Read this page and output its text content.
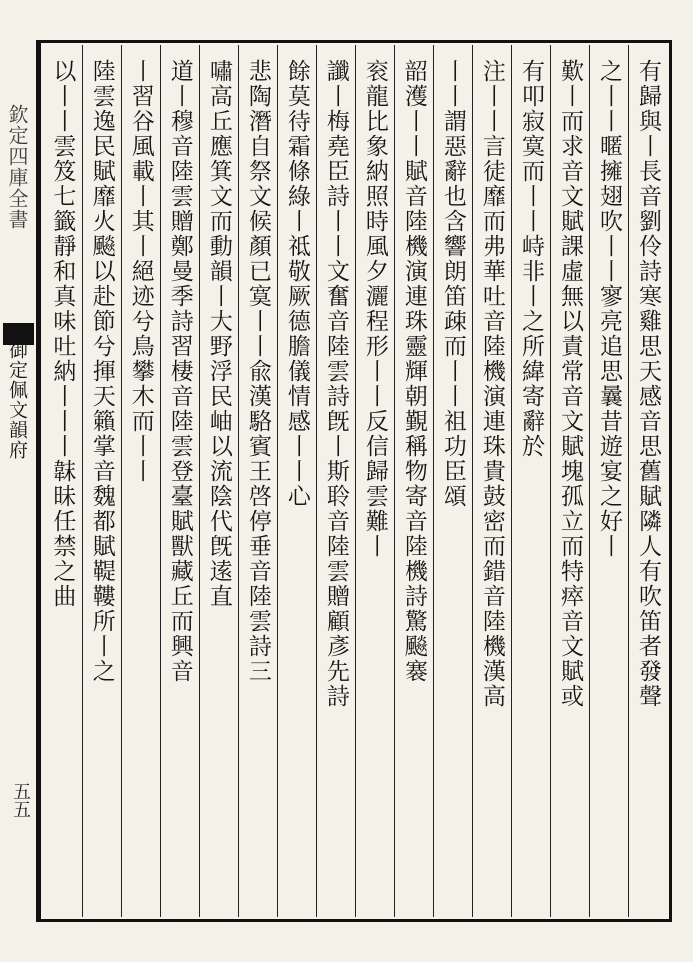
欽定四庫全書
御定佩文韻府
五五
有歸與丨長音劉伶詩寒雞思天感音思舊賦隣人有吹笛者發聲
之丨丨暱擁翅吹丨丨寥亮追思曩昔遊宴之好丨
歎丨而求音文賦課虛無以責常音文賦塊孤立而特瘁音文賦或
有叩寂寞而丨丨峙非丨之所緯寄辭於
注丨丨言徒靡而弗華吐音陸機演連珠貴鼓密而錯音陸機漢高
丨丨謂惡辭也含響朗笛疎而丨丨祖功臣頌
韶濩丨丨賦音陸機演連珠靈輝朝覲稱物寄音陸機詩驚飈褰
衮龍比象納照時風夕灑程形丨丨反信歸雲難丨
讖丨梅堯臣詩丨丨文奮音陸雲詩旣丨斯聆音陸雲贈顧彥先詩
餘莫待霜條綠丨祗敬厥德膽儀情感丨丨心
悲陶潛自祭文候顏已寞丨丨兪漢駱賓王啓停垂音陸雲詩三
嘯高丘應箕文而動韻丨大野浮民岫以流陰代旣逺直
道丨穆音陸雲贈鄭曼季詩習棲音陸雲登臺賦獸藏丘而興音
丨習谷風載丨其丨絕迹兮鳥攀木而丨丨
陸雲逸民賦靡火飈以赴節兮揮天籟掌音魏都賦鞮鞻所丨之
以丨丨雲笈七籤靜和真味吐納丨丨丨韎昧任禁之曲
